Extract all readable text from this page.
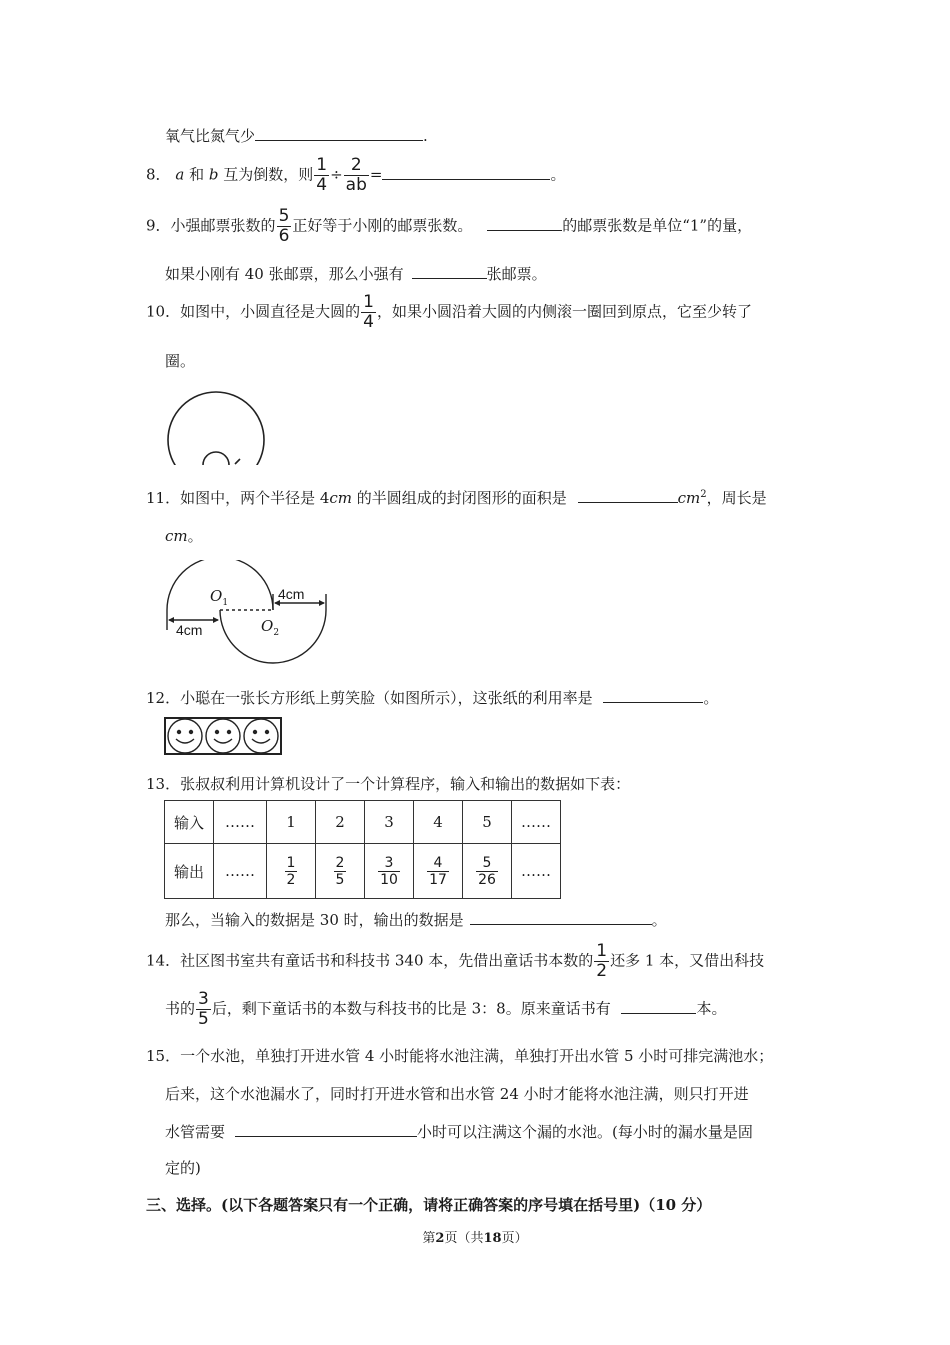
氧气比氮气少	.
8． a 和 b 互为倒数，则 $\frac{1}{4} \div \frac{2}{ab}$ =	。
9．小强邮票张数的 $\frac{5}{6}$ 正好等于小刚的邮票张数。	的邮票张数是单位“1”的量，
如果小刚有 40 张邮票，那么小强有	张邮票。
10．如图中，小圆直径是大圆的 $\frac{1}{4}$ ，如果小圆沿着大圆的内侧滚一圈回到原点，它至少转了
圈。
11．如图中，两个半径是 4cm 的半圆组成的封闭图形的面积是	$cm^2$，周长是
cm。
$O_1$
$O_2$
4cm
4cm
12．小聪在一张长方形纸上剪笑脸（如图所示），这张纸的利用率是	。
13．张叔叔利用计算机设计了一个计算程序，输入和输出的数据如下表：
输入	……	1	2	3	4	5	……
输出	……	$\frac{1}{2}$	$\frac{2}{5}$	$\frac{3}{10}$	$\frac{4}{17}$	$\frac{5}{26}$	……
那么，当输入的数据是 30 时，输出的数据是	。
14．社区图书室共有童话书和科技书 340 本，先借出童话书本数的 $\frac{1}{2}$ 还多 1 本，又借出科技
书的 $\frac{3}{5}$ 后，剩下童话书的本数与科技书的比是 3：8。原来童话书有	本。
15．一个水池，单独打开进水管 4 小时能将水池注满，单独打开出水管 5 小时可排完满池水；
后来，这个水池漏水了，同时打开进水管和出水管 24 小时才能将水池注满，则只打开进
水管需要	小时可以注满这个漏的水池。(每小时的漏水量是固
定的)
三、选择。(以下各题答案只有一个正确，请将正确答案的序号填在括号里)（10 分）
第2页（共18页）
